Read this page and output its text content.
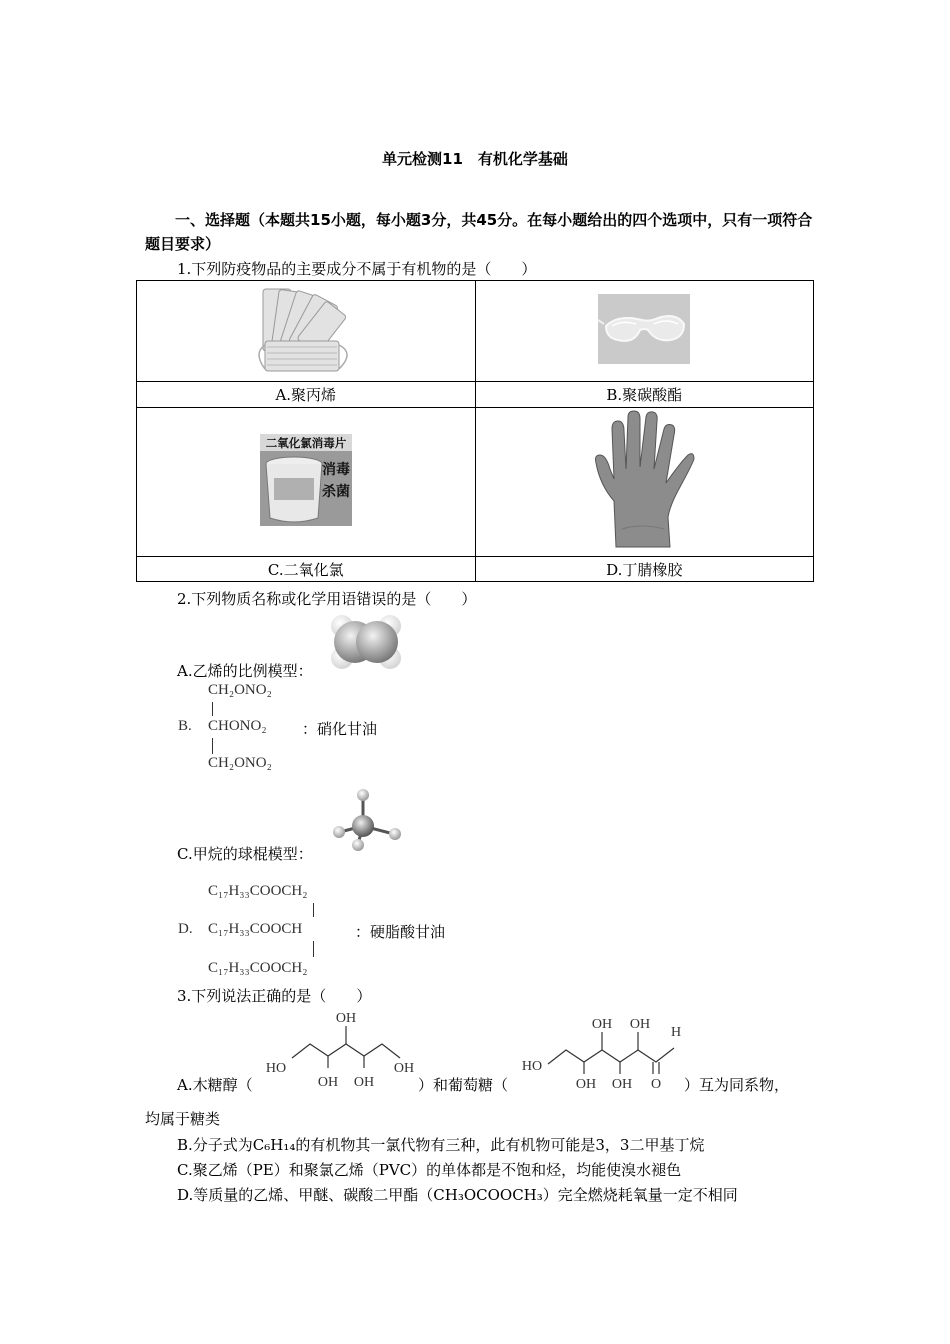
单元检测11　有机化学基础
一、选择题（本题共15小题，每小题3分，共45分。在每小题给出的四个选项中，只有一项符合题目要求）
1.下列防疫物品的主要成分不属于有机物的是（　　）

A.聚丙烯	B.聚碳酸酯

二氧化氯消毒片
消毒
杀菌

C.二氧化氯	D.丁腈橡胶
2.下列物质名称或化学用语错误的是（　　）
A.乙烯的比例模型：
CH₂ONO₂
B. CHONO₂ ：硝化甘油
CH₂ONO₂
C.甲烷的球棍模型：
C₁₇H₃₃COOCH₂
D. C₁₇H₃₃COOCH	：硬脂酸甘油
C₁₇H₃₃COOCH₂
3.下列说法正确的是（　　）
A.木糖醇（
OH
HO	OH
OH OH	）和葡萄糖（
OH OH
H
HO
OH OH O ）互为同系物，
均属于糖类
B.分子式为C₆H₁₄的有机物其一氯代物有三种，此有机物可能是3，3二甲基丁烷
C.聚乙烯（PE）和聚氯乙烯（PVC）的单体都是不饱和烃，均能使溴水褪色
D.等质量的乙烯、甲醚、碳酸二甲酯（CH₃OCOOCH₃）完全燃烧耗氧量一定不相同
